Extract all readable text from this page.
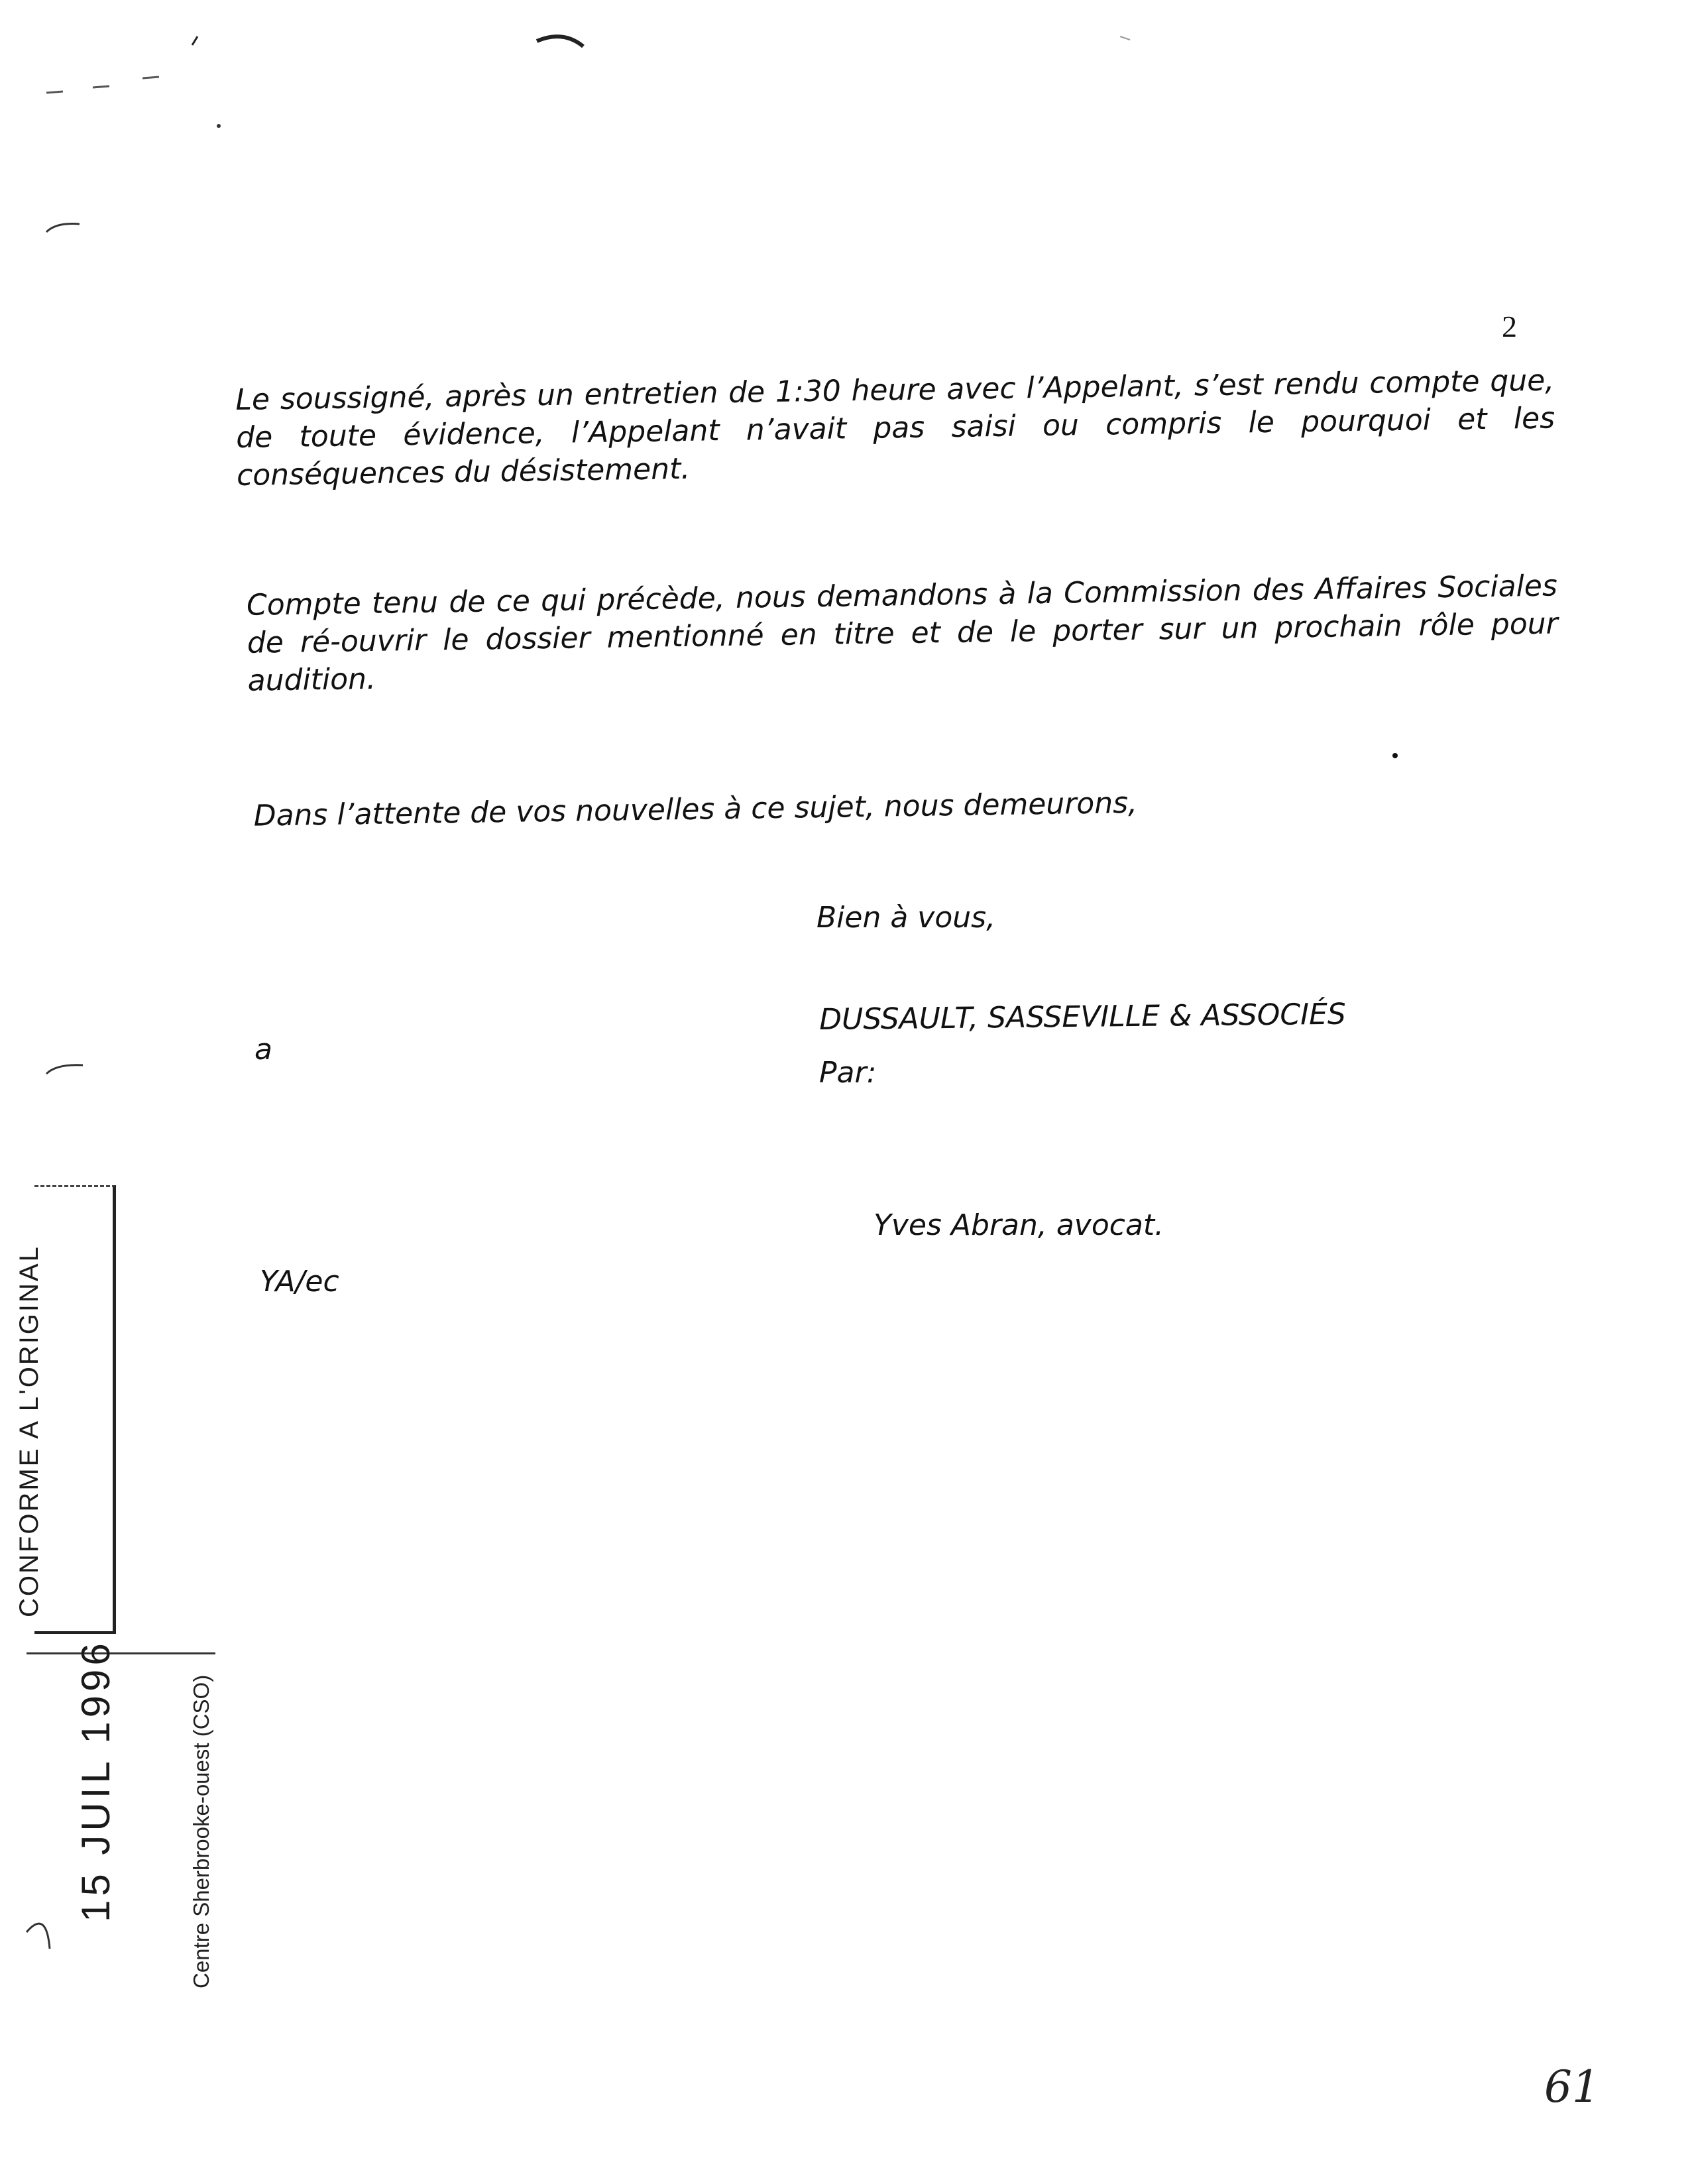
2

Le soussigné, après un entretien de 1:30 heure avec l’Appelant, s’est rendu compte que, de toute évidence, l’Appelant n’avait pas saisi ou compris le pourquoi et les conséquences du désistement.

Compte tenu de ce qui précède, nous demandons à la Commission des Affaires Sociales de ré-ouvrir le dossier mentionné en titre et de le porter sur un prochain rôle pour audition.

Dans l’attente de vos nouvelles à ce sujet, nous demeurons,

Bien à vous,
DUSSAULT, SASSEVILLE & ASSOCIÉS
Par:
a
Yves Abran, avocat.
YA/ec
CONFORME A L'ORIGINAL
15 JUIL 1996	Centre Sherbrooke-ouest (CSO)
61
